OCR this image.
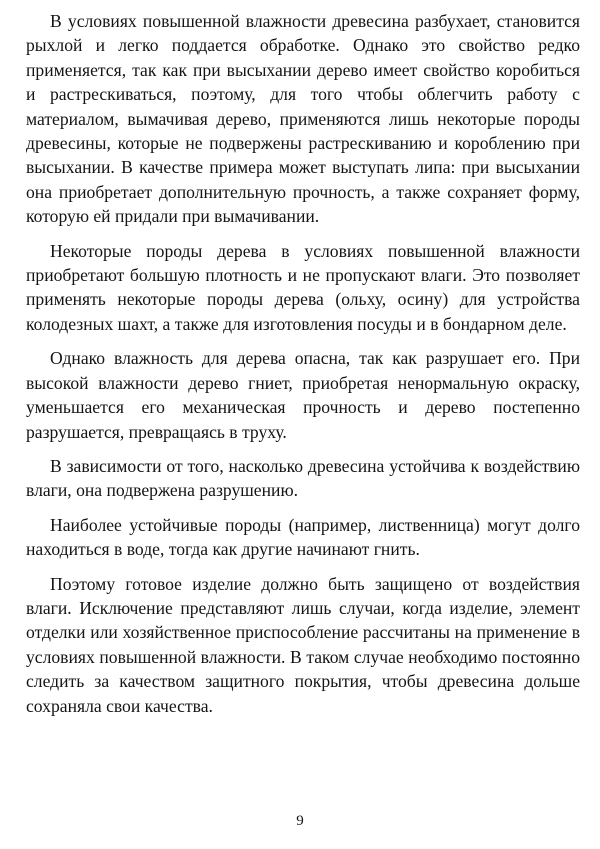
В условиях повышенной влажности древесина разбухает, становится рыхлой и легко поддается обработке. Однако это свойство редко применяется, так как при высыхании дерево имеет свойство коробиться и растрескиваться, поэтому, для того чтобы облегчить работу с материалом, вымачивая дерево, применяются лишь некоторые породы древесины, которые не подвержены растрескиванию и короблению при высыхании. В качестве примера может выступать липа: при высыхании она приобретает дополнительную прочность, а также сохраняет форму, которую ей придали при вымачивании.

Некоторые породы дерева в условиях повышенной влажности приобретают большую плотность и не пропускают влаги. Это позволяет применять некоторые породы дерева (ольху, осину) для устройства колодезных шахт, а также для изготовления посуды и в бондарном деле.

Однако влажность для дерева опасна, так как разрушает его. При высокой влажности дерево гниет, приобретая ненормальную окраску, уменьшается его механическая прочность и дерево постепенно разрушается, превращаясь в труху.

В зависимости от того, насколько древесина устойчива к воздействию влаги, она подвержена разрушению.

Наиболее устойчивые породы (например, лиственница) могут долго находиться в воде, тогда как другие начинают гнить.

Поэтому готовое изделие должно быть защищено от воздействия влаги. Исключение представляют лишь случаи, когда изделие, элемент отделки или хозяйственное приспособление рассчитаны на применение в условиях повышенной влажности. В таком случае необходимо постоянно следить за качеством защитного покрытия, чтобы древесина дольше сохраняла свои качества.

9
